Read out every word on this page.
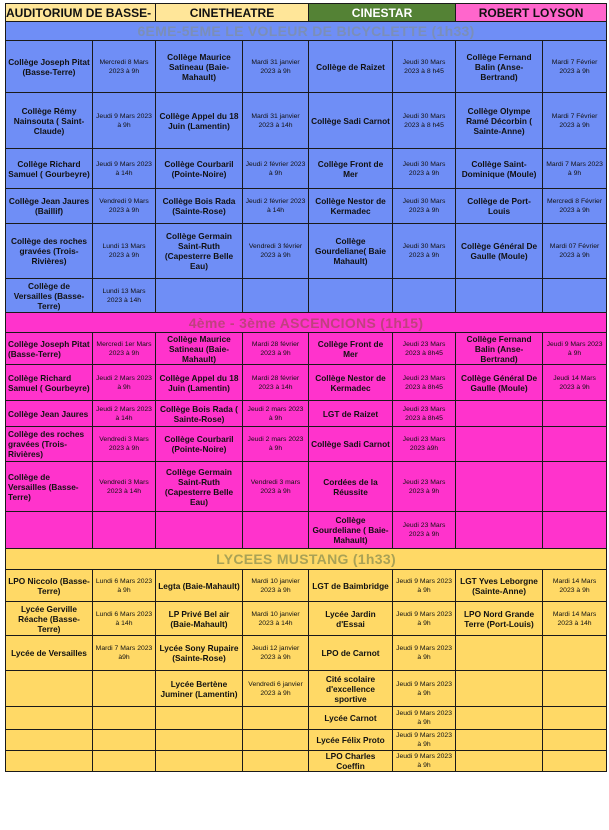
AUDITORIUM DE BASSE-		CINETHEATRE		CINESTAR		ROBERT LOYSON	
6EME-5EME LE VOLEUR DE BICYCLETTE (1h33)							
Collège Joseph Pitat (Basse-Terre)	Mercredi 8 Mars 2023 à 9h	Collège Maurice Satineau (Baie-Mahault)	Mardi 31 janvier 2023 à 9h	Collège de Raizet	Jeudi 30 Mars 2023 à 8 h45	Collège Fernand Balin (Anse-Bertrand)	Mardi 7 Février 2023 à 9h
Collège Rémy Nainsouta ( Saint-Claude)	Jeudi 9 Mars 2023 à 9h	Collège Appel du 18 Juin (Lamentin)	Mardi 31 janvier 2023 à 14h	Collège Sadi Carnot	Jeudi 30 Mars 2023 à 8 h45	Collège Olympe Ramé Décorbin ( Sainte-Anne)	Mardi 7 Février 2023 à 9h
Collège Richard Samuel ( Gourbeyre)	Jeudi 9 Mars 2023 à 14h	Collège Courbaril (Pointe-Noire)	Jeudi 2 février 2023 à 9h	Collège Front de Mer	Jeudi 30 Mars 2023 à 9h	Collège Saint-Dominique (Moule)	Mardi 7 Mars 2023 à 9h
Collège Jean Jaures (Baillif)	Vendredi 9 Mars 2023 à 9h	Collège Bois Rada (Sainte-Rose)	Jeudi 2 février 2023 à 14h	Collège Nestor de Kermadec	Jeudi 30 Mars 2023 à 9h	Collège de Port-Louis	Mercredi 8 Février 2023 à 9h
Collège des roches gravées (Trois-Rivières)	Lundi 13 Mars 2023 à 9h	Collège Germain Saint-Ruth (Capesterre Belle Eau)	Vendredi 3 février 2023 à 9h	Collège Gourdeliane( Baie Mahault)	Jeudi 30 Mars 2023 à 9h	Collège Général De Gaulle (Moule)	Mardi 07 Février 2023 à 9h
Collège de Versailles (Basse-Terre)	Lundi 13 Mars 2023 à 14h						
4ème - 3ème ASCENCIONS (1h15)							
Collège Joseph Pitat (Basse-Terre)	Mercredi 1er Mars 2023 à 9h	Collège Maurice Satineau (Baie-Mahault)	Mardi 28 février 2023 à 9h	Collège Front de Mer	Jeudi 23 Mars 2023 à 8h45	Collège Fernand Balin (Anse-Bertrand)	Jeudi 9 Mars 2023 à 9h
Collège Richard Samuel ( Gourbeyre)	Jeudi 2 Mars 2023 à 9h	Collège Appel du 18 Juin (Lamentin)	Mardi 28 février 2023 à 14h	Collège Nestor de Kermadec	Jeudi 23 Mars 2023 à 8h45	Collège Général De Gaulle (Moule)	Jeudi 14 Mars 2023 à 9h
Collège Jean Jaures	Jeudi 2 Mars 2023 à 14h	Collège Bois Rada ( Sainte-Rose)	Jeudi 2 mars 2023 à 9h	LGT de Raizet	Jeudi 23 Mars 2023 à 8h45		
Collège des roches gravées (Trois-Rivières)	Vendredi 3 Mars 2023 à 9h	Collège Courbaril (Pointe-Noire)	Jeudi 2 mars 2023 à 9h	Collège Sadi Carnot	Jeudi 23 Mars 2023 à9h		
Collège de Versailles (Basse-Terre)	Vendredi 3 Mars 2023 à 14h	Collège Germain Saint-Ruth (Capesterre Belle Eau)	Vendredi 3 mars 2023 à 9h	Cordées de la Réussite	Jeudi 23 Mars 2023 à 9h		
				Collège Gourdeliane ( Baie-Mahault)	Jeudi 23 Mars 2023 à 9h		
LYCEES MUSTANG (1h33)							
LPO Niccolo (Basse-Terre)	Lundi 6 Mars 2023 à 9h	Legta (Baie-Mahault)	Mardi 10 janvier 2023 à 9h	LGT de Baimbridge	Jeudi 9 Mars 2023 à 9h	LGT Yves Leborgne (Sainte-Anne)	Mardi 14 Mars 2023 à 9h
Lycée Gerville Réache (Basse-Terre)	Lundi 6 Mars 2023 à 14h	LP Privé Bel air (Baie-Mahault)	Mardi 10 janvier 2023 à 14h	Lycée Jardin d'Essai	Jeudi 9 Mars 2023 à 9h	LPO Nord Grande Terre (Port-Louis)	Mardi 14 Mars 2023 à 14h
Lycée de Versailles	Mardi 7 Mars 2023 à9h	Lycée Sony Rupaire (Sainte-Rose)	Jeudi 12 janvier 2023 à 9h	LPO de Carnot	Jeudi 9 Mars 2023 à 9h		
		Lycée Bertène Juminer (Lamentin)	Vendredi 6 janvier 2023 à 9h	Cité scolaire d'excellence sportive	Jeudi 9 Mars 2023 à 9h		
				Lycée Carnot	Jeudi 9 Mars 2023 à 9h		
				Lycée Félix Proto	Jeudi 9 Mars 2023 à 9h		
				LPO Charles Coeffin	Jeudi 9 Mars 2023 à 9h		
